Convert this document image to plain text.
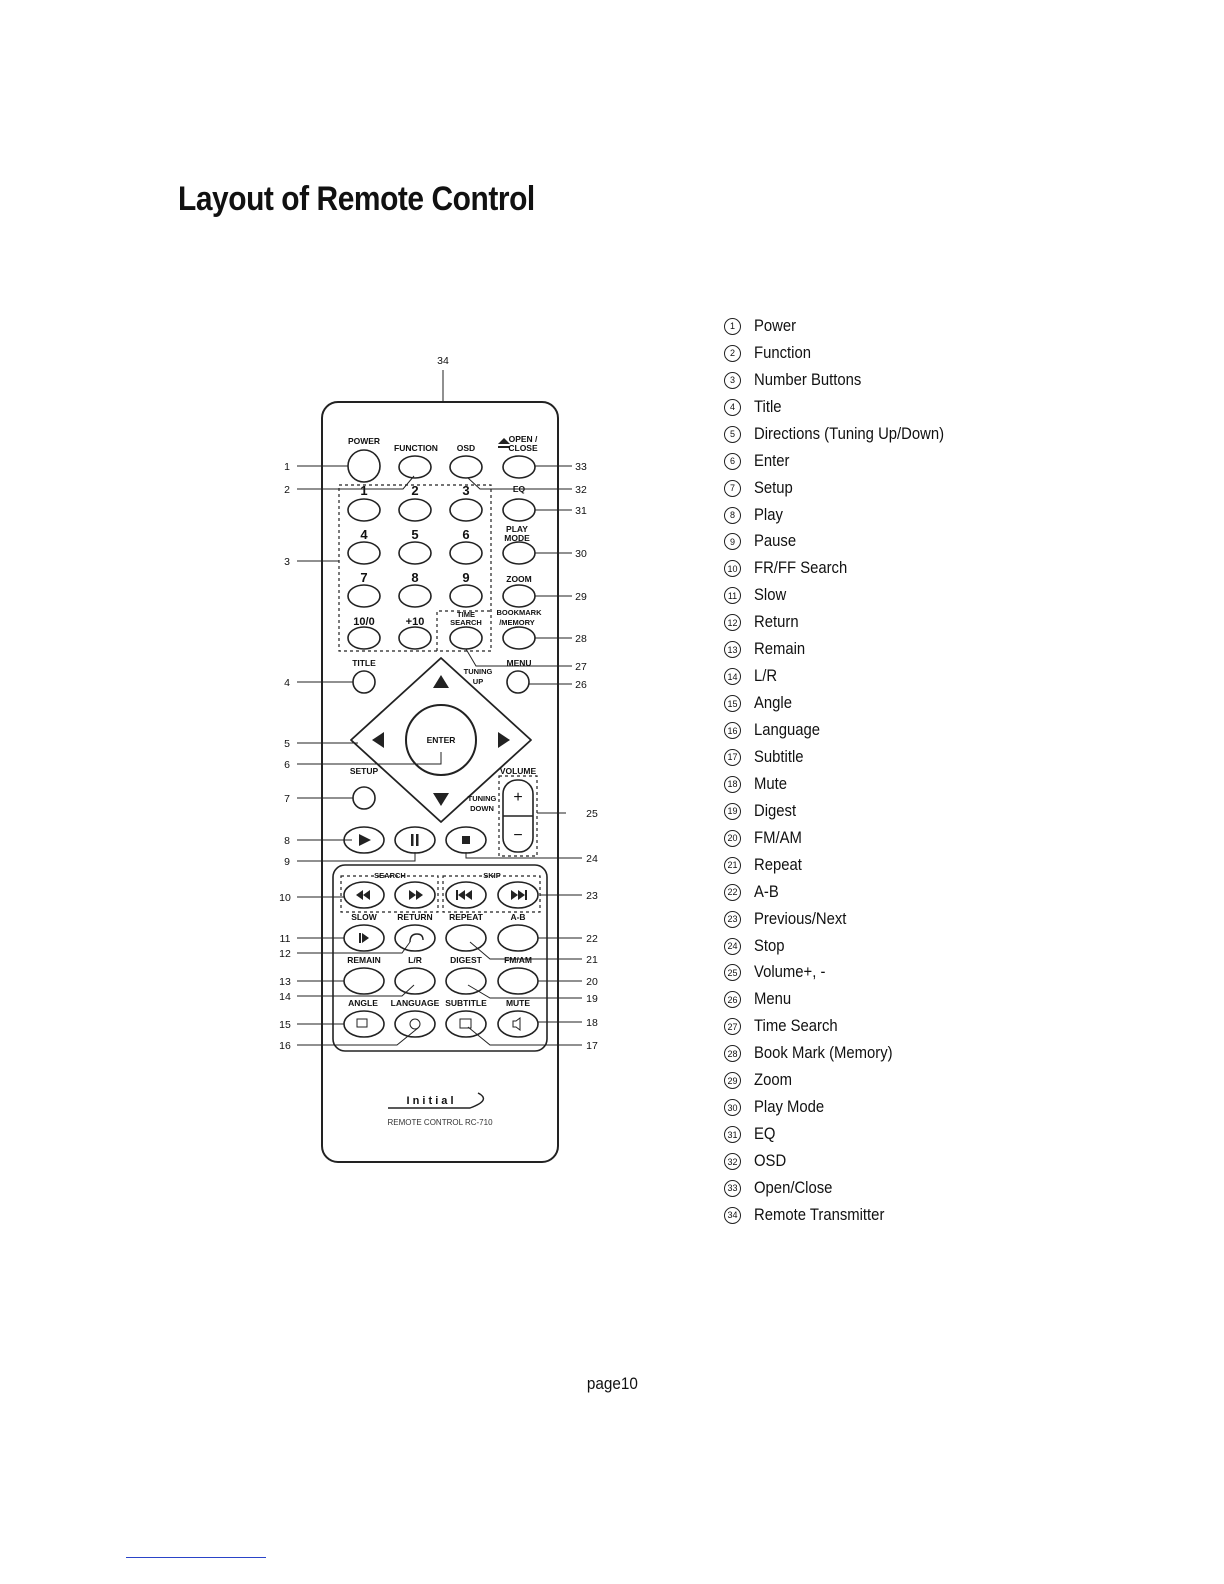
Layout of Remote Control
POWER
FUNCTION OSD
OPEN /
CLOSE
EQ
PLAY
MODE
ZOOM
TIME
SEARCH
BOOKMARK
/MEMORY
TITLE
TUNING
UP
MENU
ENTER
SETUP	VOLUME
TUNING
DOWN
SEARCH	SKIP
SLOW RETURN REPEAT	A-B
REMAIN	L/R	DIGEST	FM/AM
ANGLE LANGUAGE SUBTITLE MUTE
+
−
1	2	3
4	5	6
7	8	9
10/0	+10
I n i t i a l
REMOTE CONTROL RC-710
1
2
3
4
5
6
7
8
9
10
11
12
13
14
15
16	17
18
19
20
21
22
23
24
25
26
27
28
29
30
31
32
33
34
1	Power
2	Function
3	Number Buttons
4	Title
5	Directions (Tuning Up/Down)
6	Enter
7	Setup
8	Play
9	Pause
10 FR/FF Search
11 Slow
12 Return
13 Remain
14 L/R
15 Angle
16 Language
17 Subtitle
18 Mute
19 Digest
20 FM/AM
21 Repeat
22 A-B
23 Previous/Next
24 Stop
25 Volume+, -
26 Menu
27 Time Search
28 Book Mark (Memory)
29 Zoom
30 Play Mode
31 EQ
32 OSD
33 Open/Close
34 Remote Transmitter
page10
